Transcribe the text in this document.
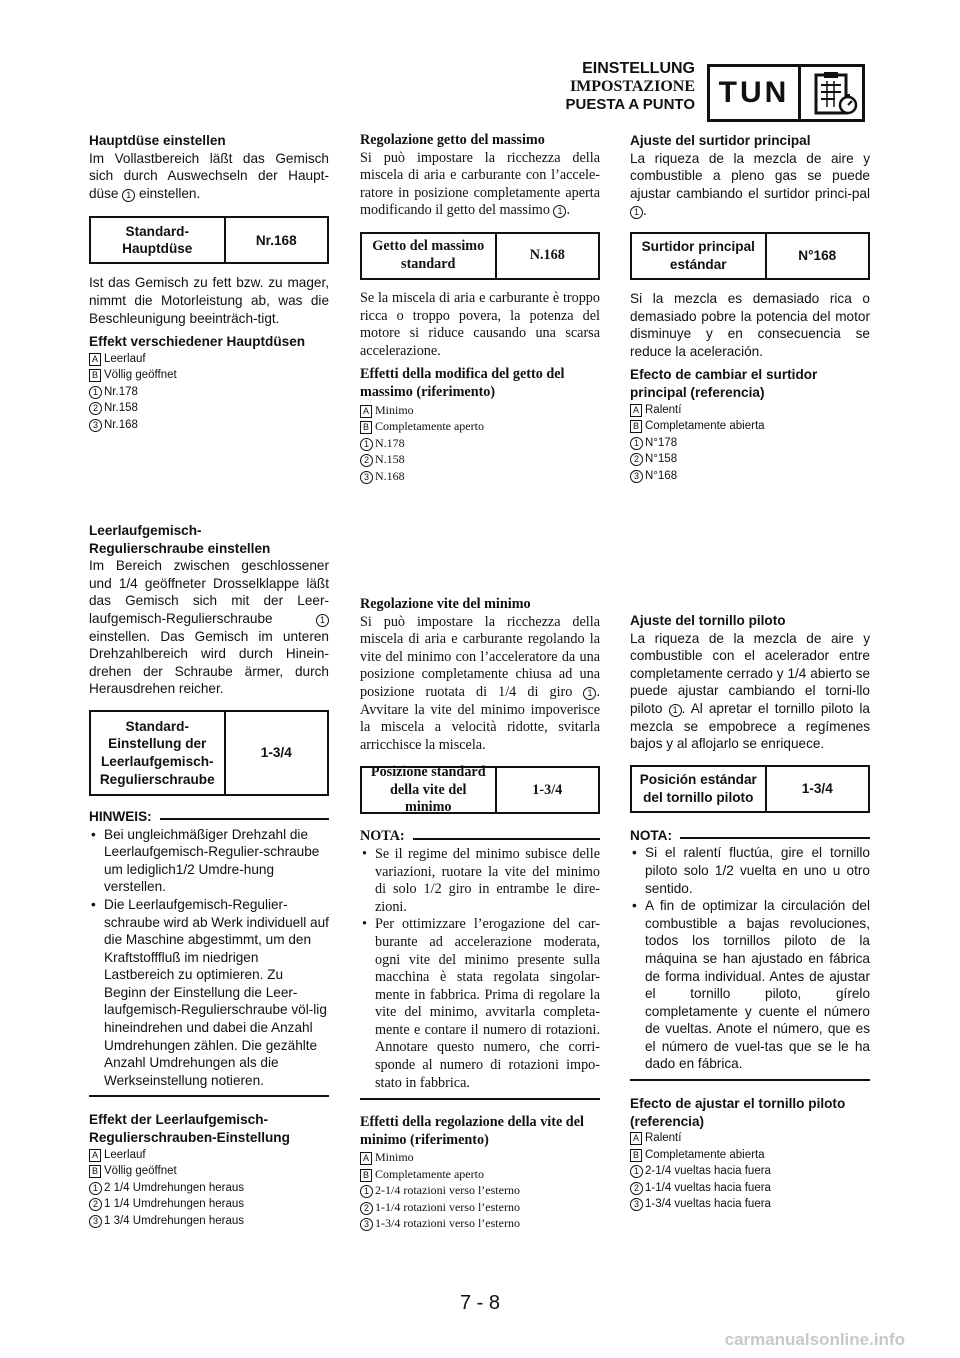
EINSTELLUNG
IMPOSTAZIONE
PUESTA A PUNTO TUN

Hauptdüse einstellen

Im Vollastbereich läßt das Gemisch sich durch Auswechseln der Haupt-düse 1 einstellen.

Standard-Hauptdüse
Nr.168

Ist das Gemisch zu fett bzw. zu mager, nimmt die Motorleistung ab, was die Beschleunigung beeinträch-tigt.

Effekt verschiedener Hauptdüsen

A Leerlauf
B Völlig geöffnet
1 Nr.178
2 Nr.158
3 Nr.168

Leerlaufgemisch-

Regulierschraube einstellen

Im Bereich zwischen geschlossener und 1/4 geöffneter Drosselklappe läßt das Gemisch sich mit der Leer-laufgemisch-Regulierschraube	1 einstellen. Das Gemisch im unteren Drehzahlbereich wird durch Hinein-drehen der Schraube ärmer, durch Herausdrehen reicher.

Standard-Einstellung der Leerlaufgemisch-Regulierschraube
1-3/4
HINWEIS:
• Bei ungleichmäßiger Drehzahl die Leerlaufgemisch-Regulier-schraube um lediglich1/2 Umdre-hung verstellen.
• Die Leerlaufgemisch-Regulier-schraube wird ab Werk individuell auf die Maschine abgestimmt, um den Kraftstofffluß im niedrigen Lastbereich zu optimieren. Zu Beginn der Einstellung die Leer-laufgemisch-Regulierschraube völ-lig hineindrehen und dabei die Anzahl Umdrehungen zählen. Die gezählte Anzahl Umdrehungen als die Werkseinstellung notieren.

Effekt der Leerlaufgemisch-Regulierschrauben-Einstellung

A Leerlauf
B Völlig geöffnet
1 2 1/4 Umdrehungen heraus
2 1 1/4 Umdrehungen heraus
3 1 3/4 Umdrehungen heraus

Regolazione getto del massimo

Si può impostare la ricchezza della miscela di aria e carburante con l’accele-ratore in posizione completamente aperta modificando il getto del massimo 1 .

Getto del massimo standard
N.168

Se la miscela di aria e carburante è troppo ricca o troppo povera, la potenza del motore si riduce causando una scarsa accelerazione.

Effetti della modifica del getto del massimo (riferimento)

A Minimo
B Completamente aperto
1 N.178
2 N.158
3 N.168

Regolazione vite del minimo

Si può impostare la ricchezza della miscela di aria e carburante regolando la vite del minimo con l’acceleratore da una posizione completamente chiusa ad una posizione ruotata di 1/4 di giro 1 . Avvitare la vite del minimo impoverisce la miscela a velocità ridotte, svitarla arricchisce la miscela.

Posizione standard della vite del minimo
1-3/4
NOTA:
• Se il regime del minimo subisce delle variazioni, ruotare la vite del minimo di solo 1/2 giro in entrambe le dire-zioni.
• Per ottimizzare l’erogazione del car-burante ad accelerazione moderata, ogni vite del minimo presente sulla macchina è stata regolata singolar-mente in fabbrica. Prima di regolare la vite del minimo, avvitarla completa-mente e contare il numero di rotazioni. Annotare questo numero, che corri-sponde al numero di rotazioni impo-stato in fabbrica.

Effetti della regolazione della vite del minimo (riferimento)

A Minimo
B Completamente aperto
1 2-1/4 rotazioni verso l’esterno
2 1-1/4 rotazioni verso l’esterno
3 1-3/4 rotazioni verso l’esterno

Ajuste del surtidor principal

La riqueza de la mezcla de aire y combustible a pleno gas se puede ajustar cambiando el surtidor princi-pal 1 .

Surtidor principal estándar
N°168

Si la mezcla es demasiado rica o demasiado pobre la potencia del motor disminuye y en consecuencia se reduce la aceleración.

Efecto de cambiar el surtidor principal (referencia)

A Ralentí
B Completamente abierta
1 N°178
2 N°158
3 N°168

Ajuste del tornillo piloto

La riqueza de la mezcla de aire y combustible con el acelerador entre completamente cerrado y 1/4 abierto se puede ajustar cambiando el torni-llo piloto 1 . Al apretar el tornillo piloto la mezcla se empobrece a regímenes bajos y al aflojarlo se enriquece.

Posición estándar del tornillo piloto
1-3/4
NOTA:
• Si el ralentí fluctúa, gire el tornillo piloto solo 1/2 vuelta en uno u otro sentido.
• A fin de optimizar la circulación del combustible a bajas revoluciones, todos los tornillos piloto de la máquina se han ajustado en fábrica de forma individual. Antes de ajustar el tornillo piloto, gírelo completamente y cuente el número de vueltas. Anote el número, que es el número de vuel-tas que se le ha dado en fábrica.

Efecto de ajustar el tornillo piloto (referencia)

A Ralentí
B Completamente abierta
1 2-1/4 vueltas hacia fuera
2 1-1/4 vueltas hacia fuera
3 1-3/4 vueltas hacia fuera
7 - 8
carmanualsonline.info
